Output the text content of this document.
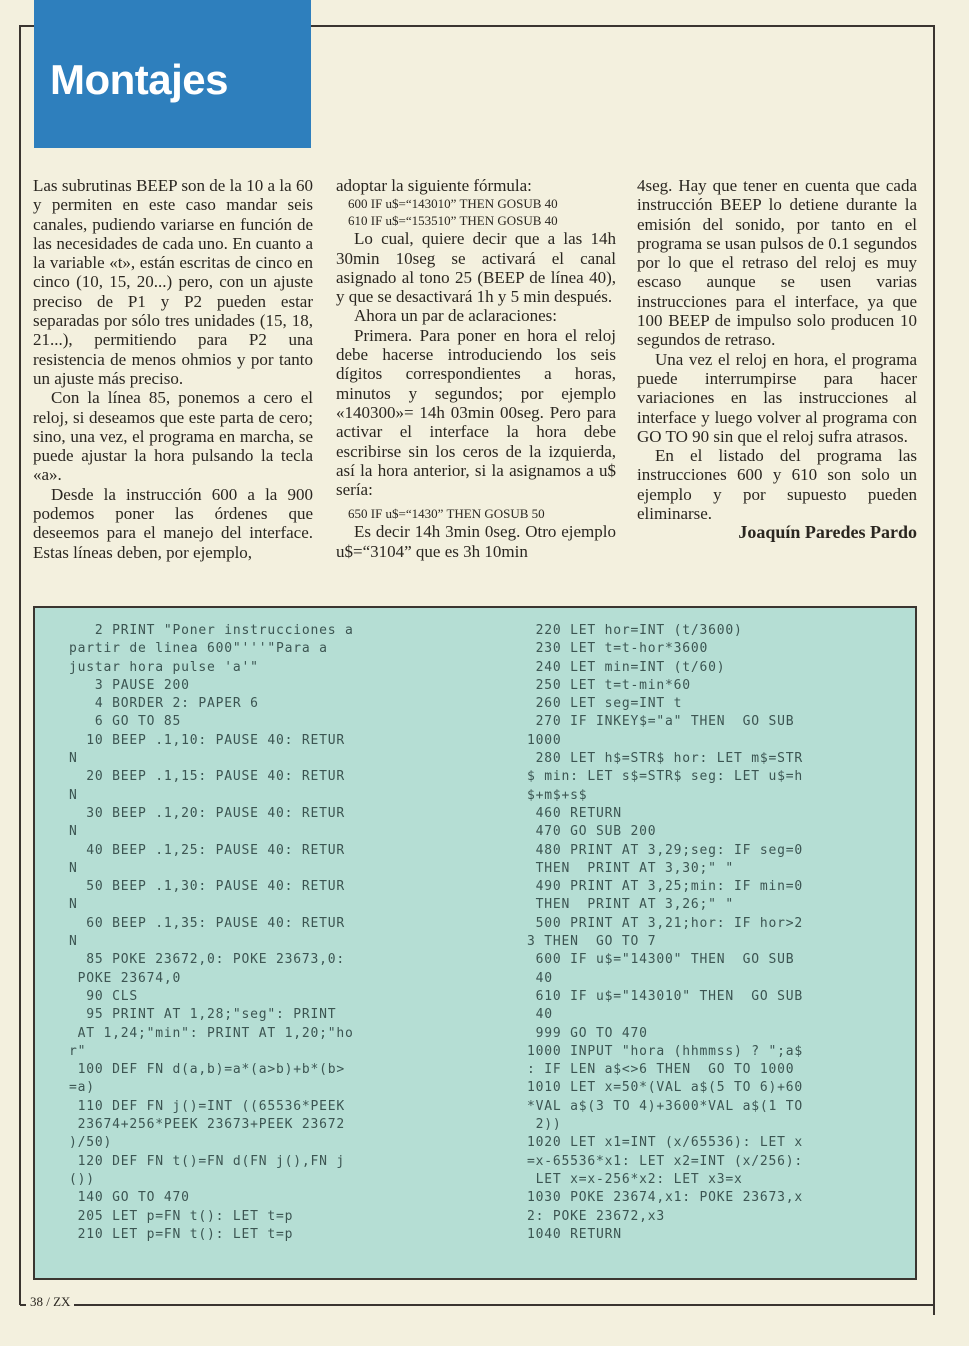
Montajes

Las subrutinas BEEP son de la 10 a la 60 y permiten en este caso mandar seis canales, pudiendo variarse en función de las necesidades de cada uno. En cuanto a la variable «t», están escritas de cinco en cinco (10, 15, 20...) pero, con un ajuste preciso de P1 y P2 pueden estar separadas por sólo tres unidades (15, 18, 21...), permitiendo para P2 una resistencia de menos ohmios y por tanto un ajuste más preciso.

Con la línea 85, ponemos a cero el reloj, si deseamos que este parta de cero; sino, una vez, el programa en marcha, se puede ajustar la hora pulsando la tecla «a».

Desde la instrucción 600 a la 900 podemos poner las órdenes que deseemos para el manejo del interface. Estas líneas deben, por ejemplo,

adoptar la siguiente fórmula:

600 IF u$=“143010” THEN GOSUB 40

610 IF u$=“153510” THEN GOSUB 40

Lo cual, quiere decir que a las 14h 30min 10seg se activará el canal asignado al tono 25 (BEEP de línea 40), y que se desactivará 1h y 5 min después.

Ahora un par de aclaraciones:

Primera. Para poner en hora el reloj debe hacerse introduciendo los seis dígitos correspondientes a horas, minutos y segundos; por ejemplo «140300»= 14h 03min 00seg. Pero para activar el interface la hora debe escribirse sin los ceros de la izquierda, así la hora anterior, si la asignamos a u$ sería:

650 IF u$=“1430” THEN GOSUB 50

Es decir 14h 3min 0seg. Otro ejemplo u$=“3104” que es 3h 10min

4seg. Hay que tener en cuenta que cada instrucción BEEP lo detiene durante la emisión del sonido, por tanto en el programa se usan pulsos de 0.1 segundos por lo que el retraso del reloj es muy escaso aunque se usen varias instrucciones para el interface, ya que 100 BEEP de impulso solo producen 10 segundos de retraso.

Una vez el reloj en hora, el programa puede interrumpirse para hacer variaciones en las instrucciones al interface y luego volver al programa con GO TO 90 sin que el reloj sufra atrasos.

En el listado del programa las instrucciones 600 y 610 son solo un ejemplo y por supuesto pueden eliminarse.

Joaquín Paredes Pardo

2 PRINT "Poner instrucciones a
partir de linea 600"'''"Para a
justar hora pulse 'a'"
3 PAUSE 200
4 BORDER 2: PAPER 6
6 GO TO 85
10 BEEP .1,10: PAUSE 40: RETUR
N
20 BEEP .1,15: PAUSE 40: RETUR
N
30 BEEP .1,20: PAUSE 40: RETUR
N
40 BEEP .1,25: PAUSE 40: RETUR
N
50 BEEP .1,30: PAUSE 40: RETUR
N
60 BEEP .1,35: PAUSE 40: RETUR
N
85 POKE 23672,0: POKE 23673,0:
POKE 23674,0
90 CLS
95 PRINT AT 1,28;"seg": PRINT
AT 1,24;"min": PRINT AT 1,20;"ho
r"
100 DEF FN d(a,b)=a*(a>b)+b*(b>
=a)
110 DEF FN j()=INT ((65536*PEEK
23674+256*PEEK 23673+PEEK 23672
)/50)
120 DEF FN t()=FN d(FN j(),FN j
())
140 GO TO 470
205 LET p=FN t(): LET t=p
210 LET p=FN t(): LET t=p
220 LET hor=INT (t/3600)
230 LET t=t-hor*3600
240 LET min=INT (t/60)
250 LET t=t-min*60
260 LET seg=INT t
270 IF INKEY$="a" THEN  GO SUB
1000
280 LET h$=STR$ hor: LET m$=STR
$ min: LET s$=STR$ seg: LET u$=h
$+m$+s$
460 RETURN
470 GO SUB 200
480 PRINT AT 3,29;seg: IF seg=0
THEN  PRINT AT 3,30;" "
490 PRINT AT 3,25;min: IF min=0
THEN  PRINT AT 3,26;" "
500 PRINT AT 3,21;hor: IF hor>2
3 THEN  GO TO 7
600 IF u$="14300" THEN  GO SUB
40
610 IF u$="143010" THEN  GO SUB
40
999 GO TO 470
1000 INPUT "hora (hhmmss) ? ";a$
: IF LEN a$<>6 THEN  GO TO 1000
1010 LET x=50*(VAL a$(5 TO 6)+60
*VAL a$(3 TO 4)+3600*VAL a$(1 TO
2))
1020 LET x1=INT (x/65536): LET x
=x-65536*x1: LET x2=INT (x/256):
LET x=x-256*x2: LET x3=x
1030 POKE 23674,x1: POKE 23673,x
2: POKE 23672,x3
1040 RETURN
38 / ZX
